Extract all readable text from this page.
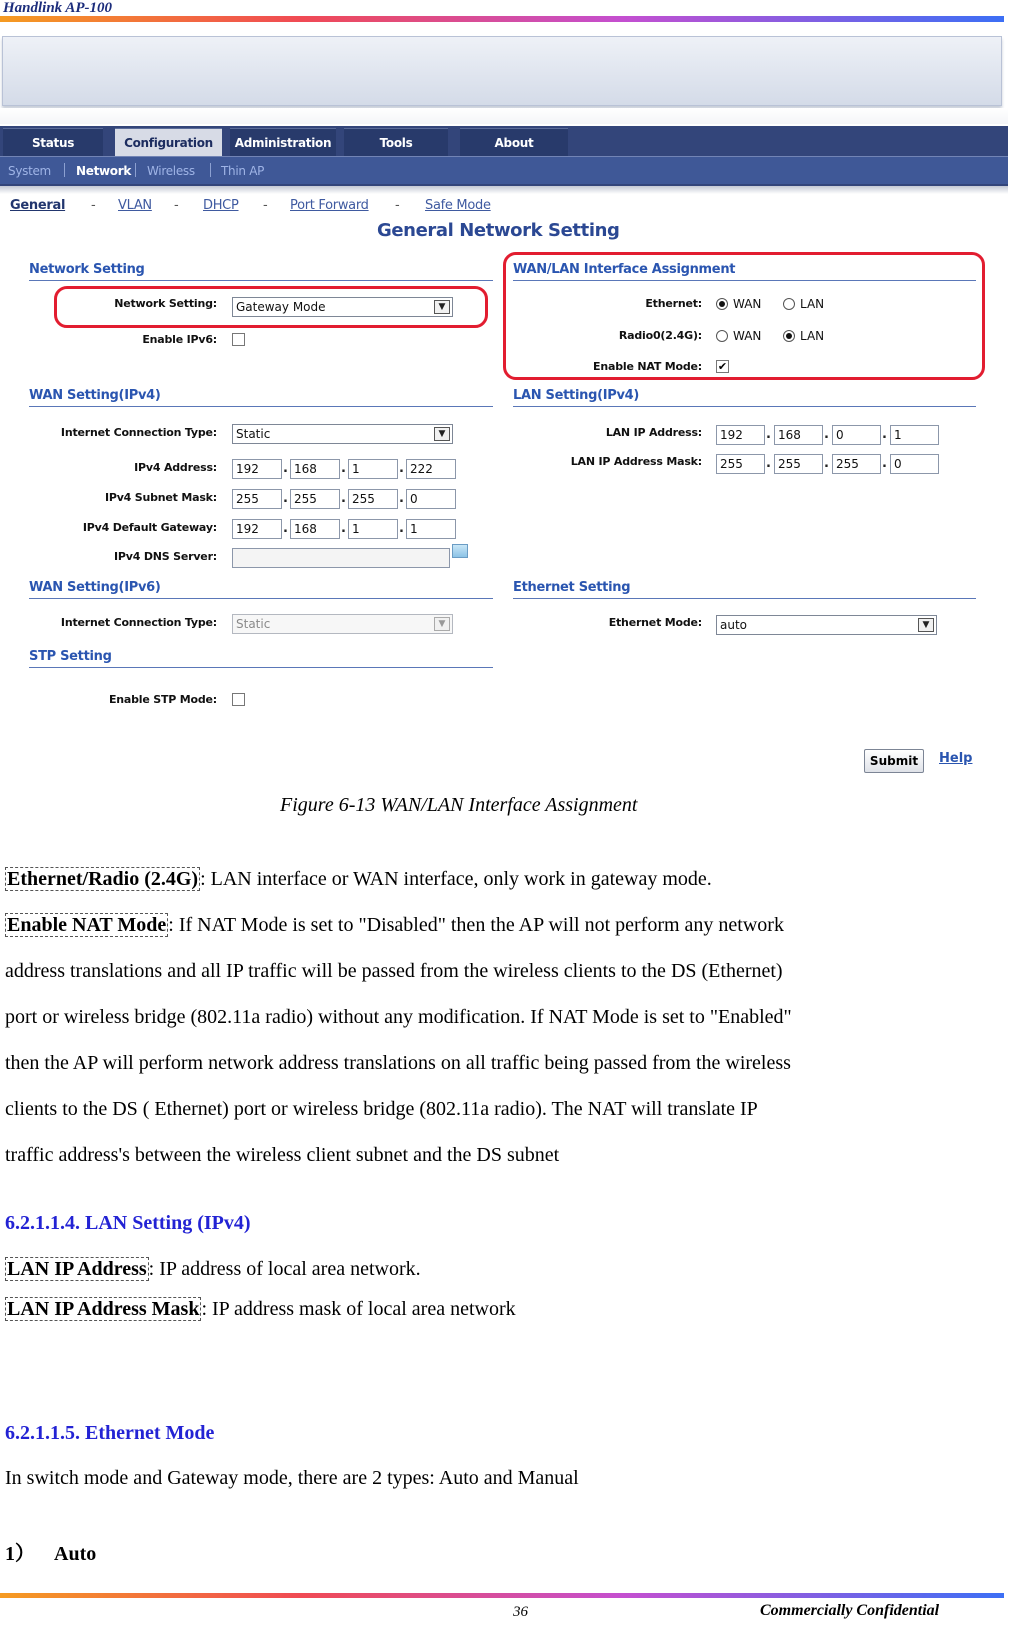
Handlink AP-100
Status	Configuration	Administration	Tools	About
System Network Wireless Thin AP
General - VLAN - DHCP - Port Forward - Safe Mode
General Network Setting
Network Setting
Network Setting:	Gateway Mode	▼
Enable IPv6:
WAN Setting(IPv4)
Internet Connection Type:	Static	▼
IPv4 Address:	192	. 168	. 1	. 222
IPv4 Subnet Mask:	255	. 255	. 255	. 0
IPv4 Default Gateway:	192	. 168	. 1	. 1
IPv4 DNS Server:
WAN Setting(IPv6)
Internet Connection Type:	Static	▼
STP Setting
Enable STP Mode:
WAN/LAN Interface Assignment
Ethernet:	WAN	LAN
Radio0(2.4G):	WAN	LAN
Enable NAT Mode: ✔
LAN Setting(IPv4)
LAN IP Address:	192	. 168	. 0	. 1
LAN IP Address Mask:	255	. 255	. 255	. 0
Ethernet Setting
Ethernet Mode:	auto	▼
Submit	Help
Figure 6-13 WAN/LAN Interface Assignment
Ethernet/Radio (2.4G) : LAN interface or WAN interface, only work in gateway mode.
Enable NAT Mode : If NAT Mode is set to "Disabled" then the AP will not perform any network
address translations and all IP traffic will be passed from the wireless clients to the DS (Ethernet)
port or wireless bridge (802.11a radio) without any modification. If NAT Mode is set to "Enabled"
then the AP will perform network address translations on all traffic being passed from the wireless
clients to the DS ( Ethernet) port or wireless bridge (802.11a radio). The NAT will translate IP
traffic address's between the wireless client subnet and the DS subnet
6.2.1.1.4. LAN Setting (IPv4)
LAN IP Address : IP address of local area network.
LAN IP Address Mask : IP address mask of local area network
6.2.1.1.5. Ethernet Mode
In switch mode and Gateway mode, there are 2 types: Auto and Manual
1） Auto
36	Commercially Confidential
